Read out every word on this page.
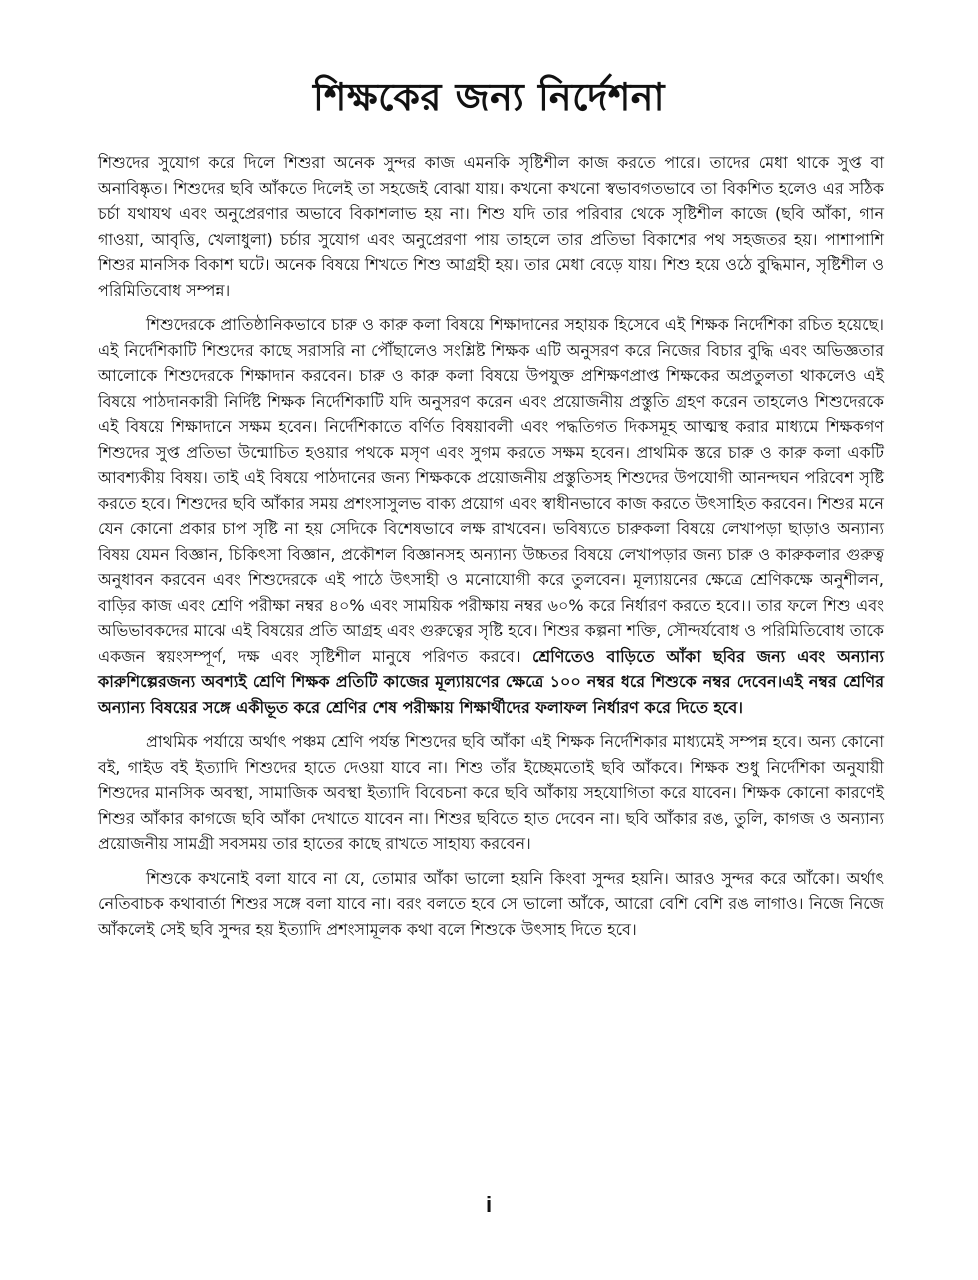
শিক্ষকের জন্য নির্দেশনা

শিশুদের সুযোগ করে দিলে শিশুরা অনেক সুন্দর কাজ এমনকি সৃষ্টিশীল কাজ করতে পারে। তাদের মেধা থাকে সুপ্ত বা অনাবিষ্কৃত। শিশুদের ছবি আঁকতে দিলেই তা সহজেই বোঝা যায়। কখনো কখনো স্বভাবগতভাবে তা বিকশিত হলেও এর সঠিক চর্চা যথাযথ এবং অনুপ্রেরণার অভাবে বিকাশলাভ হয় না। শিশু যদি তার পরিবার থেকে সৃষ্টিশীল কাজে (ছবি আঁকা, গান গাওয়া, আবৃত্তি, খেলাধুলা) চর্চার সুযোগ এবং অনুপ্রেরণা পায় তাহলে তার প্রতিভা বিকাশের পথ সহজতর হয়। পাশাপাশি শিশুর মানসিক বিকাশ ঘটে। অনেক বিষয়ে শিখতে শিশু আগ্রহী হয়। তার মেধা বেড়ে যায়। শিশু হয়ে ওঠে বুদ্ধিমান, সৃষ্টিশীল ও পরিমিতিবোধ সম্পন্ন।

শিশুদেরকে প্রাতিষ্ঠানিকভাবে চারু ও কারু কলা বিষয়ে শিক্ষাদানের সহায়ক হিসেবে এই শিক্ষক নির্দেশিকা রচিত হয়েছে। এই নির্দেশিকাটি শিশুদের কাছে সরাসরি না পৌঁছালেও সংশ্লিষ্ট শিক্ষক এটি অনুসরণ করে নিজের বিচার বুদ্ধি এবং অভিজ্ঞতার আলোকে শিশুদেরকে শিক্ষাদান করবেন। চারু ও কারু কলা বিষয়ে উপযুক্ত প্রশিক্ষণপ্রাপ্ত শিক্ষকের অপ্রতুলতা থাকলেও এই বিষয়ে পাঠদানকারী নির্দিষ্ট শিক্ষক নির্দেশিকাটি যদি অনুসরণ করেন এবং প্রয়োজনীয় প্রস্তুতি গ্রহণ করেন তাহলেও শিশুদেরকে এই বিষয়ে শিক্ষাদানে সক্ষম হবেন। নির্দেশিকাতে বর্ণিত বিষয়াবলী এবং পদ্ধতিগত দিকসমূহ আত্মস্থ করার মাধ্যমে শিক্ষকগণ শিশুদের সুপ্ত প্রতিভা উন্মোচিত হওয়ার পথকে মসৃণ এবং সুগম করতে সক্ষম হবেন। প্রাথমিক স্তরে চারু ও কারু কলা একটি আবশ্যকীয় বিষয়। তাই এই বিষয়ে পাঠদানের জন্য শিক্ষককে প্রয়োজনীয় প্রস্তুতিসহ শিশুদের উপযোগী আনন্দঘন পরিবেশ সৃষ্টি করতে হবে। শিশুদের ছবি আঁকার সময় প্রশংসাসুলভ বাক্য প্রয়োগ এবং স্বাধীনভাবে কাজ করতে উৎসাহিত করবেন। শিশুর মনে যেন কোনো প্রকার চাপ সৃষ্টি না হয় সেদিকে বিশেষভাবে লক্ষ রাখবেন। ভবিষ্যতে চারুকলা বিষয়ে লেখাপড়া ছাড়াও অন্যান্য বিষয় যেমন বিজ্ঞান, চিকিৎসা বিজ্ঞান, প্রকৌশল বিজ্ঞানসহ অন্যান্য উচ্চতর বিষয়ে লেখাপড়ার জন্য চারু ও কারুকলার গুরুত্ব অনুধাবন করবেন এবং শিশুদেরকে এই পাঠে উৎসাহী ও মনোযোগী করে তুলবেন। মূল্যায়নের ক্ষেত্রে শ্রেণিকক্ষে অনুশীলন, বাড়ির কাজ এবং শ্রেণি পরীক্ষা নম্বর ৪০% এবং সাময়িক পরীক্ষায় নম্বর ৬০% করে নির্ধারণ করতে হবে।। তার ফলে শিশু এবং অভিভাবকদের মাঝে এই বিষয়ের প্রতি আগ্রহ এবং গুরুত্বের সৃষ্টি হবে। শিশুর কল্পনা শক্তি, সৌন্দর্যবোধ ও পরিমিতিবোধ তাকে একজন স্বয়ংসম্পূর্ণ, দক্ষ এবং সৃষ্টিশীল মানুষে পরিণত করবে। শ্রেণিতেও বাড়িতে আঁকা ছবির জন্য এবং অন্যান্য কারুশিল্পেরজন্য অবশ্যই শ্রেণি শিক্ষক প্রতিটি কাজের মূল্যায়ণের ক্ষেত্রে ১০০ নম্বর ধরে শিশুকে নম্বর দেবেন।এই নম্বর শ্রেণির অন্যান্য বিষয়ের সঙ্গে একীভূত করে শ্রেণির শেষ পরীক্ষায় শিক্ষার্থীদের ফলাফল নির্ধারণ করে দিতে হবে।

প্রাথমিক পর্যায়ে অর্থাৎ পঞ্চম শ্রেণি পর্যন্ত শিশুদের ছবি আঁকা এই শিক্ষক নির্দেশিকার মাধ্যমেই সম্পন্ন হবে। অন্য কোনো বই, গাইড বই ইত্যাদি শিশুদের হাতে দেওয়া যাবে না। শিশু তাঁর ইচ্ছেমতোই ছবি আঁকবে। শিক্ষক শুধু নির্দেশিকা অনুযায়ী শিশুদের মানসিক অবস্থা, সামাজিক অবস্থা ইত্যাদি বিবেচনা করে ছবি আঁকায় সহযোগিতা করে যাবেন। শিক্ষক কোনো কারণেই শিশুর আঁকার কাগজে ছবি আঁকা দেখাতে যাবেন না। শিশুর ছবিতে হাত দেবেন না। ছবি আঁকার রঙ, তুলি, কাগজ ও অন্যান্য প্রয়োজনীয় সামগ্রী সবসময় তার হাতের কাছে রাখতে সাহায্য করবেন।

শিশুকে কখনোই বলা যাবে না যে, তোমার আঁকা ভালো হয়নি কিংবা সুন্দর হয়নি। আরও সুন্দর করে আঁকো। অর্থাৎ নেতিবাচক কথাবার্তা শিশুর সঙ্গে বলা যাবে না। বরং বলতে হবে সে ভালো আঁকে, আরো বেশি বেশি রঙ লাগাও। নিজে নিজে আঁকলেই সেই ছবি সুন্দর হয় ইত্যাদি প্রশংসামূলক কথা বলে শিশুকে উৎসাহ দিতে হবে।

i
